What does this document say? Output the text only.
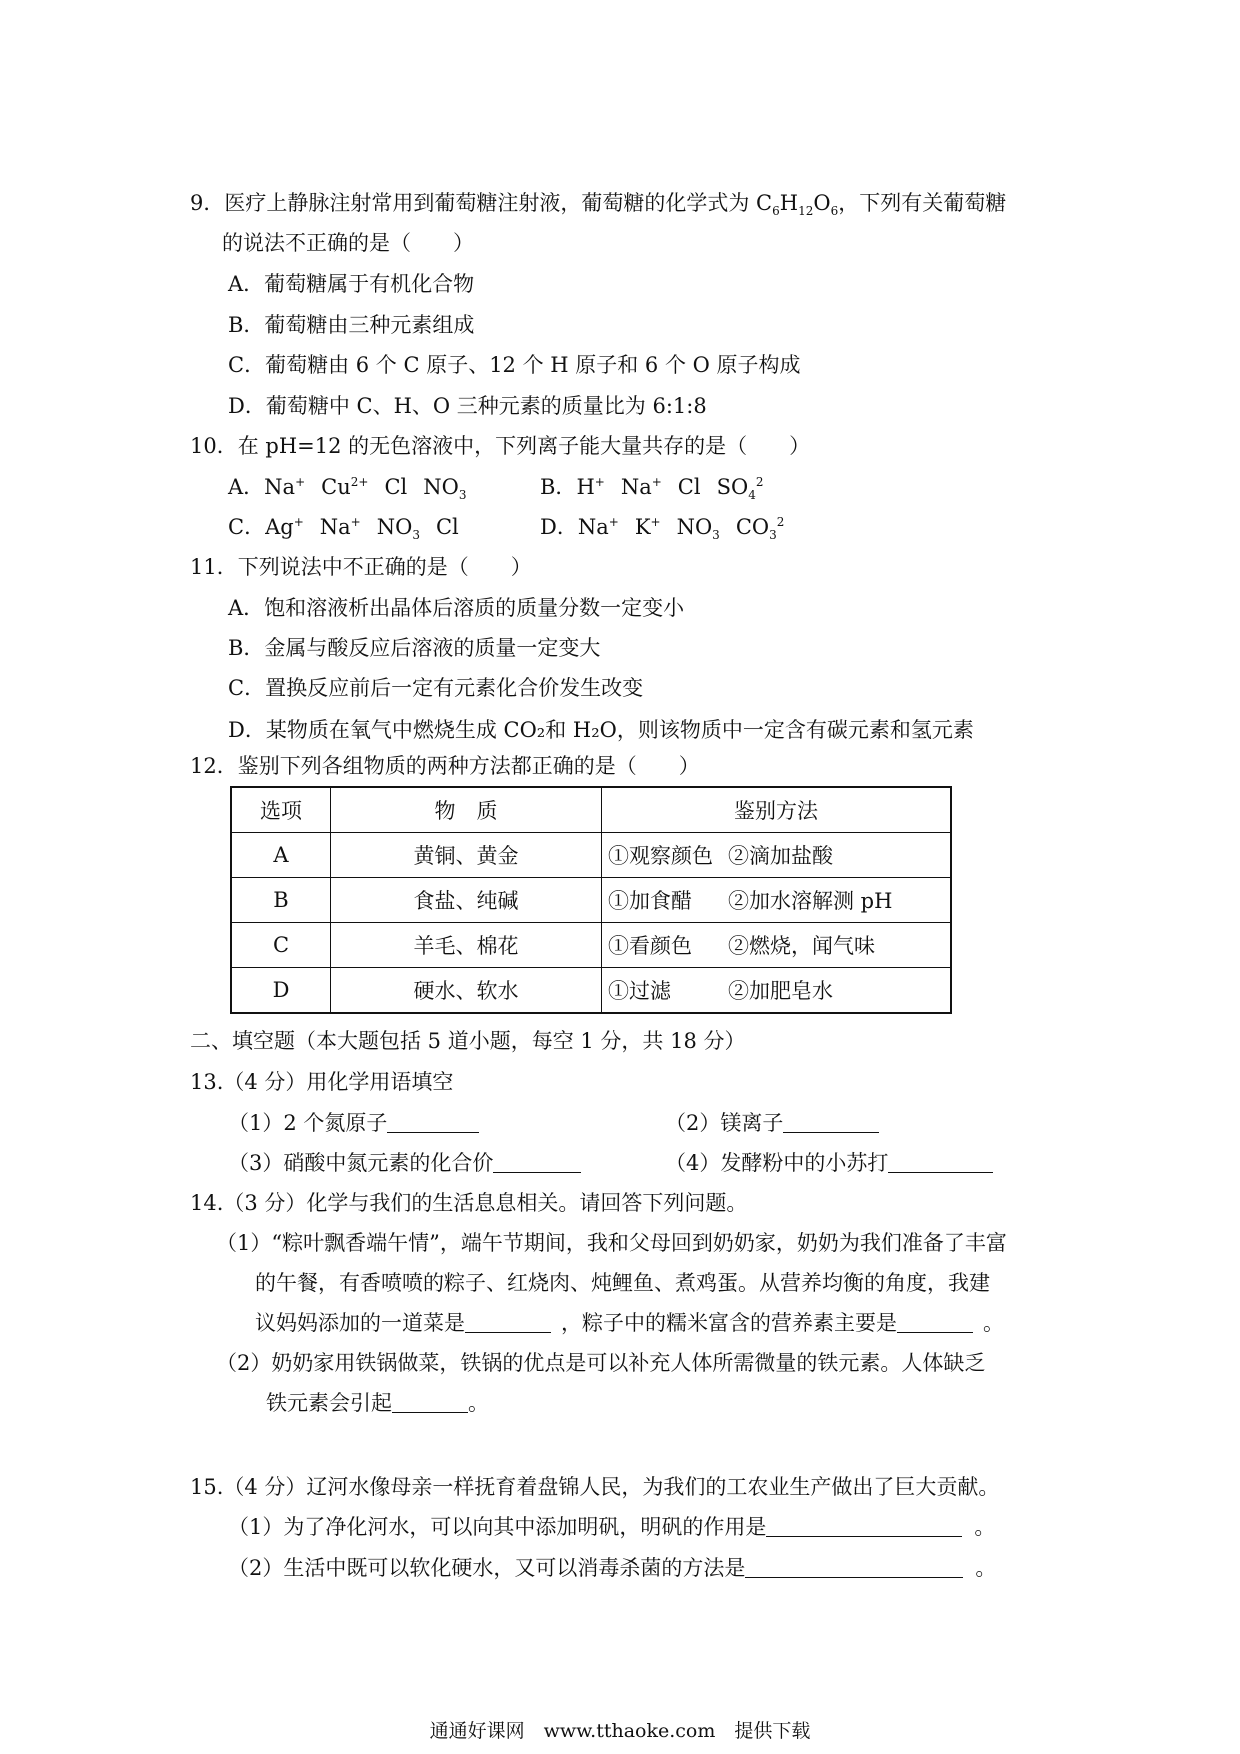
9．医疗上静脉注射常用到葡萄糖注射液，葡萄糖的化学式为 $C_6H_{12}O_6$，下列有关葡萄糖
的说法不正确的是（　　）
A．葡萄糖属于有机化合物
B．葡萄糖由三种元素组成
C．葡萄糖由 6 个 C 原子、12 个 H 原子和 6 个 O 原子构成
D．葡萄糖中 C、H、O 三种元素的质量比为 6:1:8
10．在 pH=12 的无色溶液中，下列离子能大量共存的是（　　）
A．Na+ $Cu^{2+}$ Cl $NO_3$	B．H+ Na+ Cl $SO_4^2$
C．Ag+ Na+ $NO_3$ Cl	D．Na+ K+ $NO_3$ $CO_3^2$
11．下列说法中不正确的是（　　）
A．饱和溶液析出晶体后溶质的质量分数一定变小
B．金属与酸反应后溶液的质量一定变大
C．置换反应前后一定有元素化合价发生改变
D．某物质在氧气中燃烧生成 CO₂和 H₂O，则该物质中一定含有碳元素和氢元素
12．鉴别下列各组物质的两种方法都正确的是（　　）
选项	物　质	鉴别方法
A	黄铜、黄金	①观察颜色 ②滴加盐酸
B	食盐、纯碱	①加食醋 ②加水溶解测 pH
C	羊毛、棉花	①看颜色 ②燃烧，闻气味
D	硬水、软水	①过滤 ②加肥皂水
二、填空题（本大题包括 5 道小题，每空 1 分，共 18 分）
13.（4 分）用化学用语填空
（1）2 个氮原子	（2）镁离子
（3）硝酸中氮元素的化合价	（4）发酵粉中的小苏打
14.（3 分）化学与我们的生活息息相关。请回答下列问题。
（1）“粽叶飘香端午情”，端午节期间，我和父母回到奶奶家，奶奶为我们准备了丰富
的午餐，有香喷喷的粽子、红烧肉、炖鲤鱼、煮鸡蛋。从营养均衡的角度，我建
议妈妈添加的一道菜是	，粽子中的糯米富含的营养素主要是	。
（2）奶奶家用铁锅做菜，铁锅的优点是可以补充人体所需微量的铁元素。人体缺乏
铁元素会引起	。
15.（4 分）辽河水像母亲一样抚育着盘锦人民，为我们的工农业生产做出了巨大贡献。
（1）为了净化河水，可以向其中添加明矾，明矾的作用是	。
（2）生活中既可以软化硬水，又可以消毒杀菌的方法是	。
通通好课网　www.tthaoke.com　提供下载
